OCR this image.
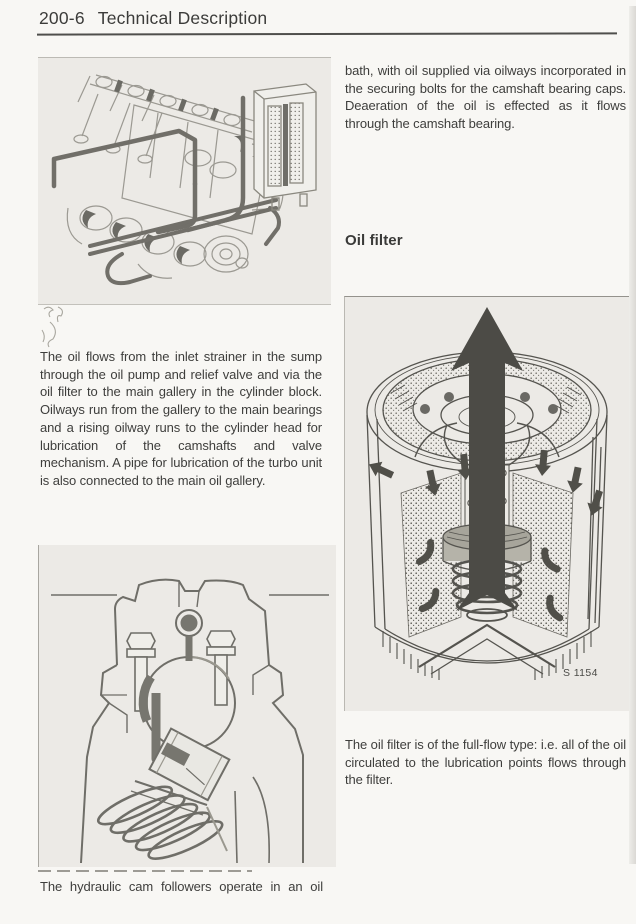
200-6 Technical Description

bath, with oil supplied via oilways incorporated in the securing bolts for the camshaft bearing caps. Deaeration of the oil is effected as it flows through the camshaft bearing.

Oil filter
S 1154

The oil flows from the inlet strainer in the sump through the oil pump and relief valve and via the oil filter to the main gallery in the cylinder block. Oilways run from the gallery to the main bearings and a rising oilway runs to the cylinder head for lubrication of the camshafts and valve mechanism. A pipe for lubrication of the turbo unit is also connected to the main oil gallery.

The hydraulic cam followers operate in an oil

The oil filter is of the full-flow type: i.e. all of the oil circulated to the lubrication points flows through the filter.
